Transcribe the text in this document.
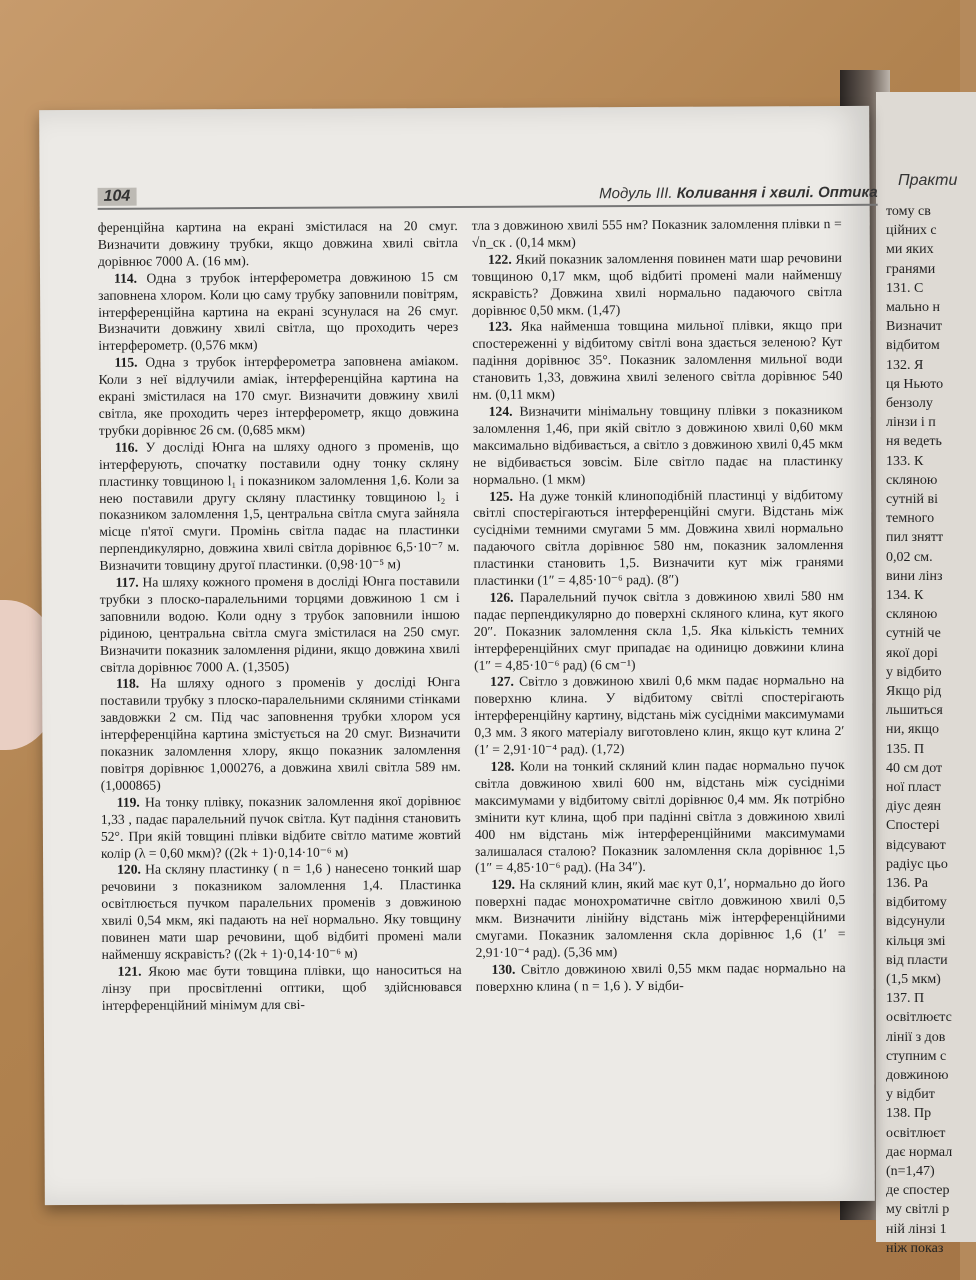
Практи
тому св
ційних с
ми яких
гранями
131. С
мально н
Визначит
відбитом
132. Я
ця Ньюто
бензолу
лінзи і п
ня ведеть
133. К
скляною
сутній вi
темного
пил знятт
0,02 см.
вини лінз
134. К
скляною
сутній че
якої дорі
у відбито
Якщо рід
льшиться
ни, якщо
135. П
40 см дот
ної пласт
діус деян
Спостері
відсувают
радіус цьо
136. Ра
відбитому
відсунули
кільця змі
від пласти
(1,5 мкм)
137. П
освітлюєтс
лінії з дов
ступним с
довжиною
у відбит
138. Пр
освітлюєт
дає нормал
(n=1,47)
де спостер
му світлі р
ній лінзі 1
ніж показ
104	Модуль III. Коливання і хвилі. Оптика

ференційна картина на екрані змістилася на 20 смуг. Визначити довжину трубки, якщо довжина хвилі світла дорівнює 7000 А. (16 мм).

114. Одна з трубок інтерферометра довжиною 15 см заповнена хлором. Коли цю саму трубку заповнили повітрям, інтерференційна картина на екрані зсунулася на 26 смуг. Визначити довжину хвилі світла, що проходить через інтерферометр. (0,576 мкм)

115. Одна з трубок інтерферометра заповнена аміаком. Коли з неї відлучили аміак, інтерференційна картина на екрані змістилася на 170 смуг. Визначити довжину хвилі світла, яке проходить через інтерферометр, якщо довжина трубки дорівнює 26 см. (0,685 мкм)

116. У досліді Юнга на шляху одного з променів, що інтерферують, спочатку поставили одну тонку скляну пластинку товщиною l₁ і показником заломлення 1,6. Коли за нею поставили другу скляну пластинку товщиною l₂ і показником заломлення 1,5, центральна світла смуга зайняла місце п'ятої смуги. Промінь світла падає на пластинки перпендикулярно, довжина хвилі світла дорівнює 6,5·10⁻⁷ м. Визначити товщину другої пластинки. (0,98·10⁻⁵ м)

117. На шляху кожного променя в досліді Юнга поставили трубки з плоско-паралельними торцями довжиною 1 см і заповнили водою. Коли одну з трубок заповнили іншою рідиною, центральна світла смуга змістилася на 250 смуг. Визначити показник заломлення рідини, якщо довжина хвилі світла дорівнює 7000 А. (1,3505)

118. На шляху одного з променів у досліді Юнга поставили трубку з плоско-паралельними скляними стінками завдовжки 2 см. Під час заповнення трубки хлором уся інтерференційна картина змістується на 20 смуг. Визначити показник заломлення хлору, якщо показник заломлення повітря дорівнює 1,000276, а довжина хвилі світла 589 нм. (1,000865)

119. На тонку плівку, показник заломлення якої дорівнює 1,33 , падає паралельний пучок світла. Кут падіння становить 52°. При якій товщині плівки відбите світло матиме жовтий колір (λ = 0,60 мкм)? ((2k + 1)·0,14·10⁻⁶ м)

120. На скляну пластинку ( n = 1,6 ) нанесено тонкий шар речовини з показником заломлення 1,4. Пластинка освітлюється пучком паралельних променів з довжиною хвилі 0,54 мкм, які падають на неї нормально. Яку товщину повинен мати шар речовини, щоб відбиті промені мали найменшу яскравість? ((2k + 1)·0,14·10⁻⁶ м)

121. Якою має бути товщина плівки, що наноситься на лінзу при просвітленні оптики, щоб здійснювався інтерференційний мінімум для сві-

тла з довжиною хвилі 555 нм? Показник заломлення плівки n = √n_ск . (0,14 мкм)

122. Який показник заломлення повинен мати шар речовини товщиною 0,17 мкм, щоб відбиті промені мали найменшу яскравість? Довжина хвилі нормально падаючого світла дорівнює 0,50 мкм. (1,47)

123. Яка найменша товщина мильної плівки, якщо при спостереженні у відбитому світлі вона здається зеленою? Кут падіння дорівнює 35°. Показник заломлення мильної води становить 1,33, довжина хвилі зеленого світла дорівнює 540 нм. (0,11 мкм)

124. Визначити мінімальну товщину плівки з показником заломлення 1,46, при якій світло з довжиною хвилі 0,60 мкм максимально відбивається, а світло з довжиною хвилі 0,45 мкм не відбивається зовсім. Біле світло падає на пластинку нормально. (1 мкм)

125. На дуже тонкій клиноподібній пластинці у відбитому світлі спостерігаються інтерференційні смуги. Відстань між сусідніми темними смугами 5 мм. Довжина хвилі нормально падаючого світла дорівнює 580 нм, показник заломлення пластинки становить 1,5. Визначити кут між гранями пластинки (1″ = 4,85·10⁻⁶ рад). (8″)

126. Паралельний пучок світла з довжиною хвилі 580 нм падає перпендикулярно до поверхні скляного клина, кут якого 20″. Показник заломлення скла 1,5. Яка кількість темних інтерференційних смуг припадає на одиницю довжини клина (1″ = 4,85·10⁻⁶ рад) (6 см⁻¹)

127. Світло з довжиною хвилі 0,6 мкм падає нормально на поверхню клина. У відбитому світлі спостерігають інтерференційну картину, відстань між сусідніми максимумами 0,3 мм. З якого матеріалу виготовлено клин, якщо кут клина 2′ (1′ = 2,91·10⁻⁴ рад). (1,72)

128. Коли на тонкий скляний клин падає нормально пучок світла довжиною хвилі 600 нм, відстань між сусідніми максимумами у відбитому світлі дорівнює 0,4 мм. Як потрібно змінити кут клина, щоб при падінні світла з довжиною хвилі 400 нм відстань між інтерференційними максимумами залишалася сталою? Показник заломлення скла дорівнює 1,5 (1″ = 4,85·10⁻⁶ рад). (На 34″).

129. На скляний клин, який має кут 0,1′, нормально до його поверхні падає монохроматичне світло довжиною хвилі 0,5 мкм. Визначити лінійну відстань між інтерференційними смугами. Показник заломлення скла дорівнює 1,6 (1′ = 2,91·10⁻⁴ рад). (5,36 мм)

130. Світло довжиною хвилі 0,55 мкм падає нормально на поверхню клина ( n = 1,6 ). У відби-
